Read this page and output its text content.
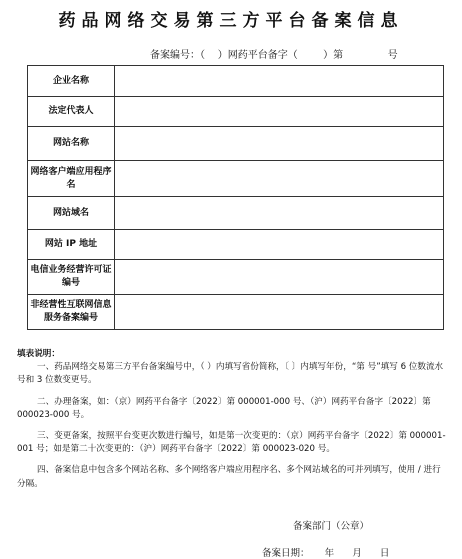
药品网络交易第三方平台备案信息
备案编号：（    ）网药平台备字（        ）第              号
企业名称	
法定代表人	
网站名称	
网络客户端应用程序名	
网站域名	
网站 IP 地址	
电信业务经营许可证编号	
非经营性互联网信息服务备案编号	
填表说明：

一、药品网络交易第三方平台备案编号中，（ ）内填写省份简称，〔 〕内填写年份，“第 号”填写 6 位数流水号和 3 位数变更号。

二、办理备案，如：（京）网药平台备字〔2022〕第 000001-000 号、（沪）网药平台备字〔2022〕第 000023-000 号。

三、变更备案，按照平台变更次数进行编号，如是第一次变更的：（京）网药平台备字〔2022〕第 000001-001 号；如是第二十次变更的：（沪）网药平台备字〔2022〕第 000023-020 号。

四、备案信息中包含多个网站名称、多个网络客户端应用程序名、多个网站域名的可并列填写，使用 / 进行分隔。

备案部门（公章）
备案日期：     年      月      日
